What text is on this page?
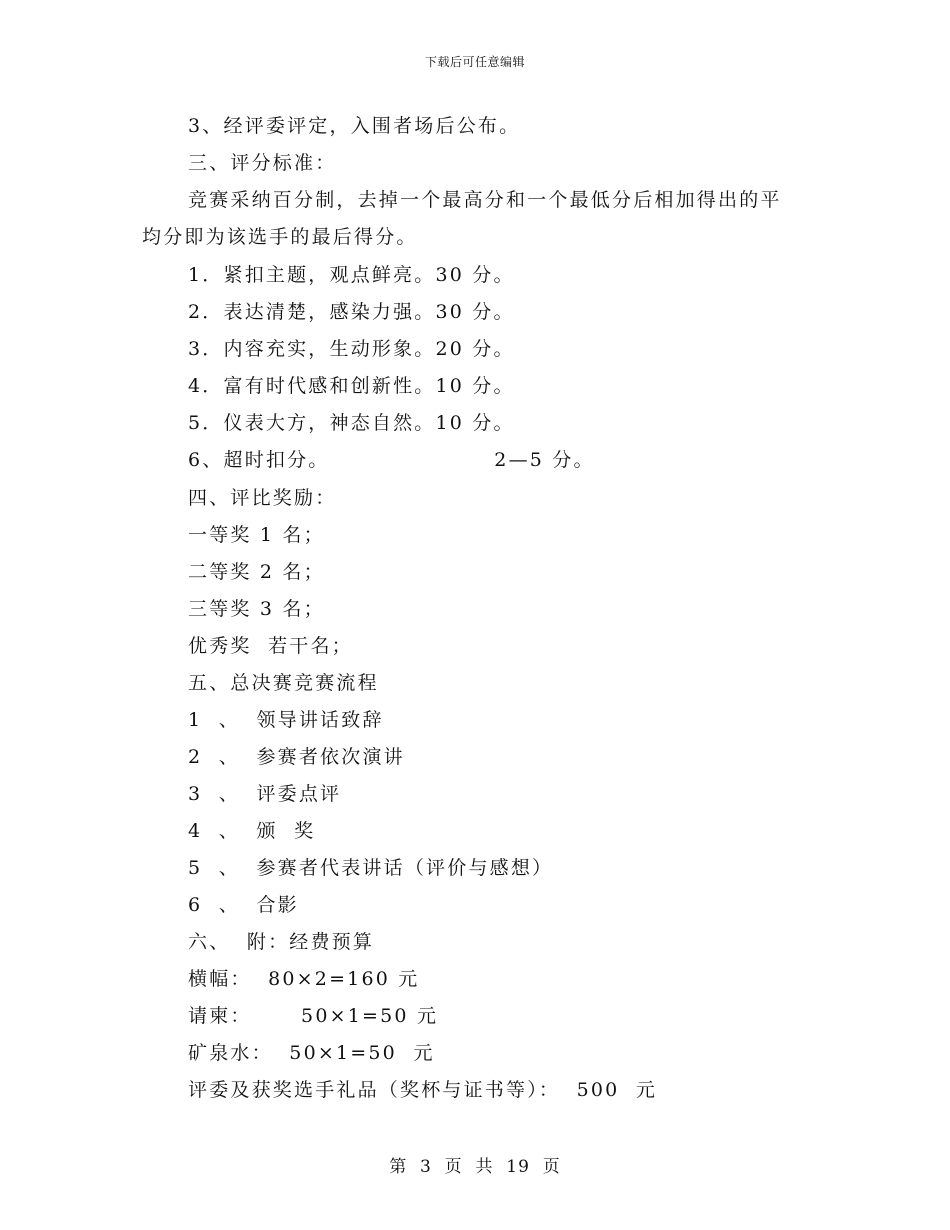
下载后可任意编辑
3、经评委评定，入围者场后公布。
三、评分标准：
竞赛采纳百分制，去掉一个最高分和一个最低分后相加得出的平
均分即为该选手的最后得分。
1．紧扣主题，观点鲜亮。30 分。
2．表达清楚，感染力强。30 分。
3．内容充实，生动形象。20 分。
4．富有时代感和创新性。10 分。
5．仪表大方，神态自然。10 分。
6、超时扣分。                    2—5 分。
四、评比奖励：
一等奖 1 名；
二等奖 2 名；
三等奖 3 名；
优秀奖  若干名；
五、总决赛竞赛流程
1  、  领导讲话致辞
2  、  参赛者依次演讲
3  、  评委点评
4  、  颁  奖
5  、  参赛者代表讲话（评价与感想）
6  、  合影
六、  附：经费预算
横幅：  80×2=160 元
请柬：      50×1=50 元
矿泉水：  50×1=50  元
评委及获奖选手礼品（奖杯与证书等）：  500  元
第  3  页  共  19  页
